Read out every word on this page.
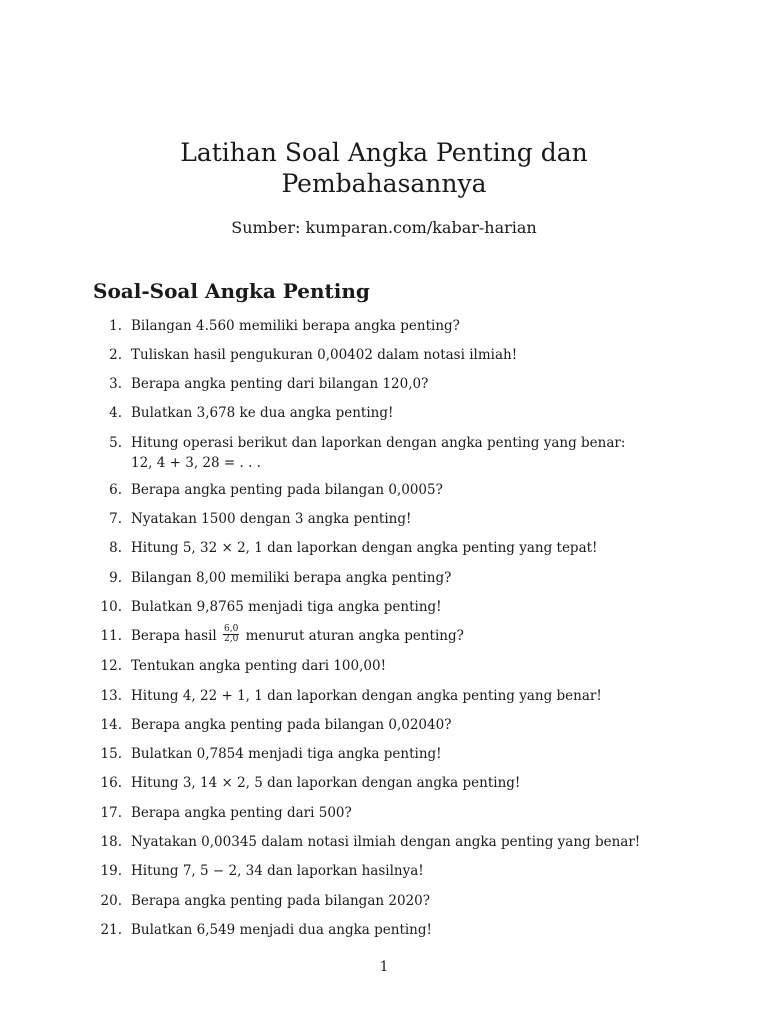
Latihan Soal Angka Penting dan
Pembahasannya

Sumber: kumparan.com/kabar-harian

Soal-Soal Angka Penting
1. Bilangan 4.560 memiliki berapa angka penting?
2. Tuliskan hasil pengukuran 0,00402 dalam notasi ilmiah!
3. Berapa angka penting dari bilangan 120,0?
4. Bulatkan 3,678 ke dua angka penting!
5. Hitung operasi berikut dan laporkan dengan angka penting yang benar:
12, 4 + 3, 28 = . . .
6. Berapa angka penting pada bilangan 0,0005?
7. Nyatakan 1500 dengan 3 angka penting!
8. Hitung 5, 32 × 2, 1 dan laporkan dengan angka penting yang tepat!
9. Bilangan 8,00 memiliki berapa angka penting?
10. Bulatkan 9,8765 menjadi tiga angka penting!
11. Berapa hasil $\frac{6,0}{2,0}$ menurut aturan angka penting?
12. Tentukan angka penting dari 100,00!
13. Hitung 4, 22 + 1, 1 dan laporkan dengan angka penting yang benar!
14. Berapa angka penting pada bilangan 0,02040?
15. Bulatkan 0,7854 menjadi tiga angka penting!
16. Hitung 3, 14 × 2, 5 dan laporkan dengan angka penting!
17. Berapa angka penting dari 500?
18. Nyatakan 0,00345 dalam notasi ilmiah dengan angka penting yang benar!
19. Hitung 7, 5 − 2, 34 dan laporkan hasilnya!
20. Berapa angka penting pada bilangan 2020?
21. Bulatkan 6,549 menjadi dua angka penting!

1
